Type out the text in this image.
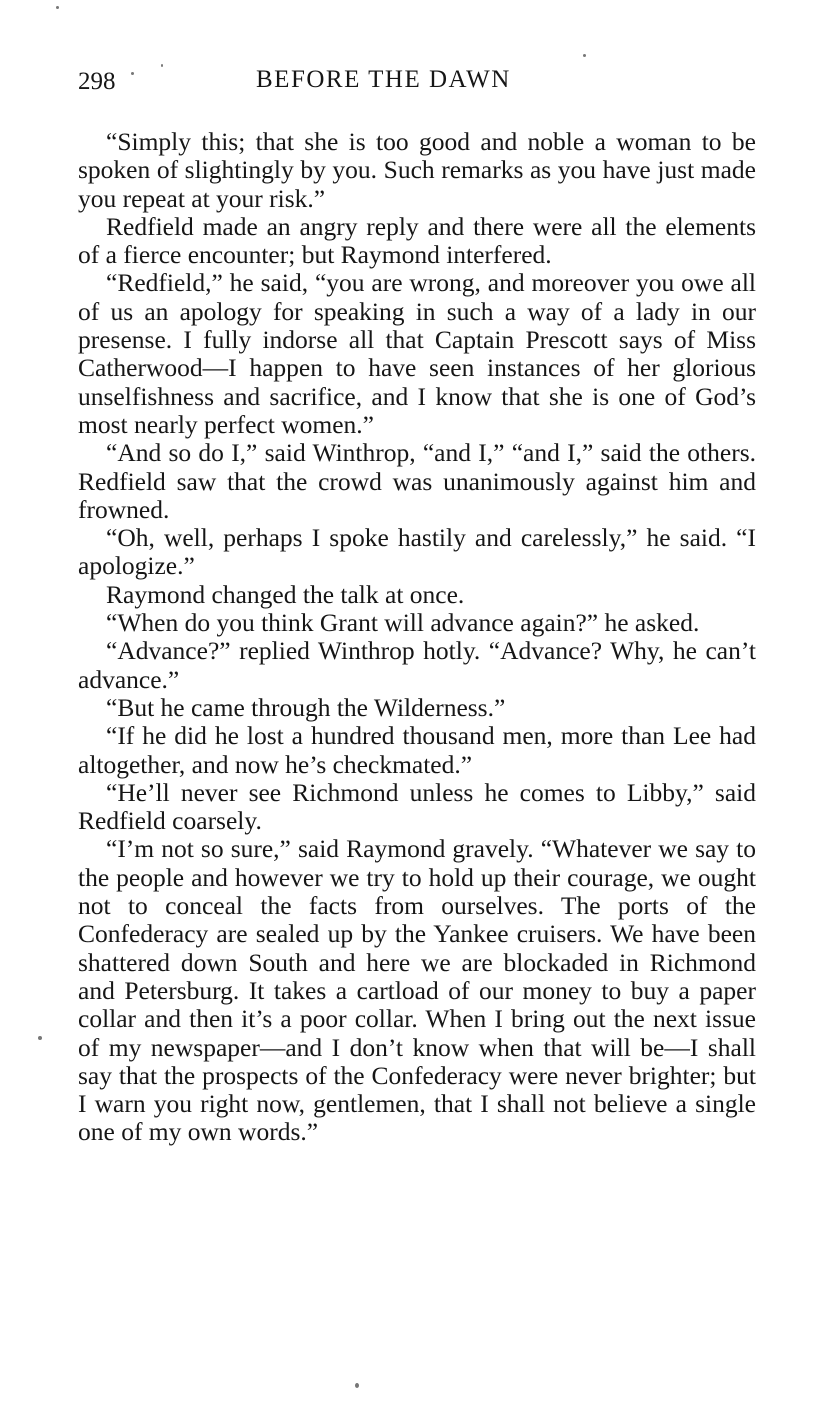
298	BEFORE THE DAWN

“Simply this; that she is too good and noble a woman to be spoken of slightingly by you. Such remarks as you have just made you repeat at your risk.”

Redfield made an angry reply and there were all the elements of a fierce encounter; but Raymond interfered.

“Redfield,” he said, “you are wrong, and moreover you owe all of us an apology for speaking in such a way of a lady in our presense. I fully indorse all that Captain Prescott says of Miss Catherwood—I happen to have seen instances of her glorious unselfishness and sacrifice, and I know that she is one of God’s most nearly perfect women.”

“And so do I,” said Winthrop, “and I,” “and I,” said the others. Redfield saw that the crowd was unanimously against him and frowned.

“Oh, well, perhaps I spoke hastily and carelessly,” he said. “I apologize.”

Raymond changed the talk at once.

“When do you think Grant will advance again?” he asked.

“Advance?” replied Winthrop hotly. “Advance? Why, he can’t advance.”

“But he came through the Wilderness.”

“If he did he lost a hundred thousand men, more than Lee had altogether, and now he’s checkmated.”

“He’ll never see Richmond unless he comes to Libby,” said Redfield coarsely.

“I’m not so sure,” said Raymond gravely. “Whatever we say to the people and however we try to hold up their courage, we ought not to conceal the facts from ourselves. The ports of the Confederacy are sealed up by the Yankee cruisers. We have been shattered down South and here we are blockaded in Richmond and Petersburg. It takes a cartload of our money to buy a paper collar and then it’s a poor collar. When I bring out the next issue of my newspaper—and I don’t know when that will be—I shall say that the prospects of the Confederacy were never brighter; but I warn you right now, gentlemen, that I shall not believe a single one of my own words.”
